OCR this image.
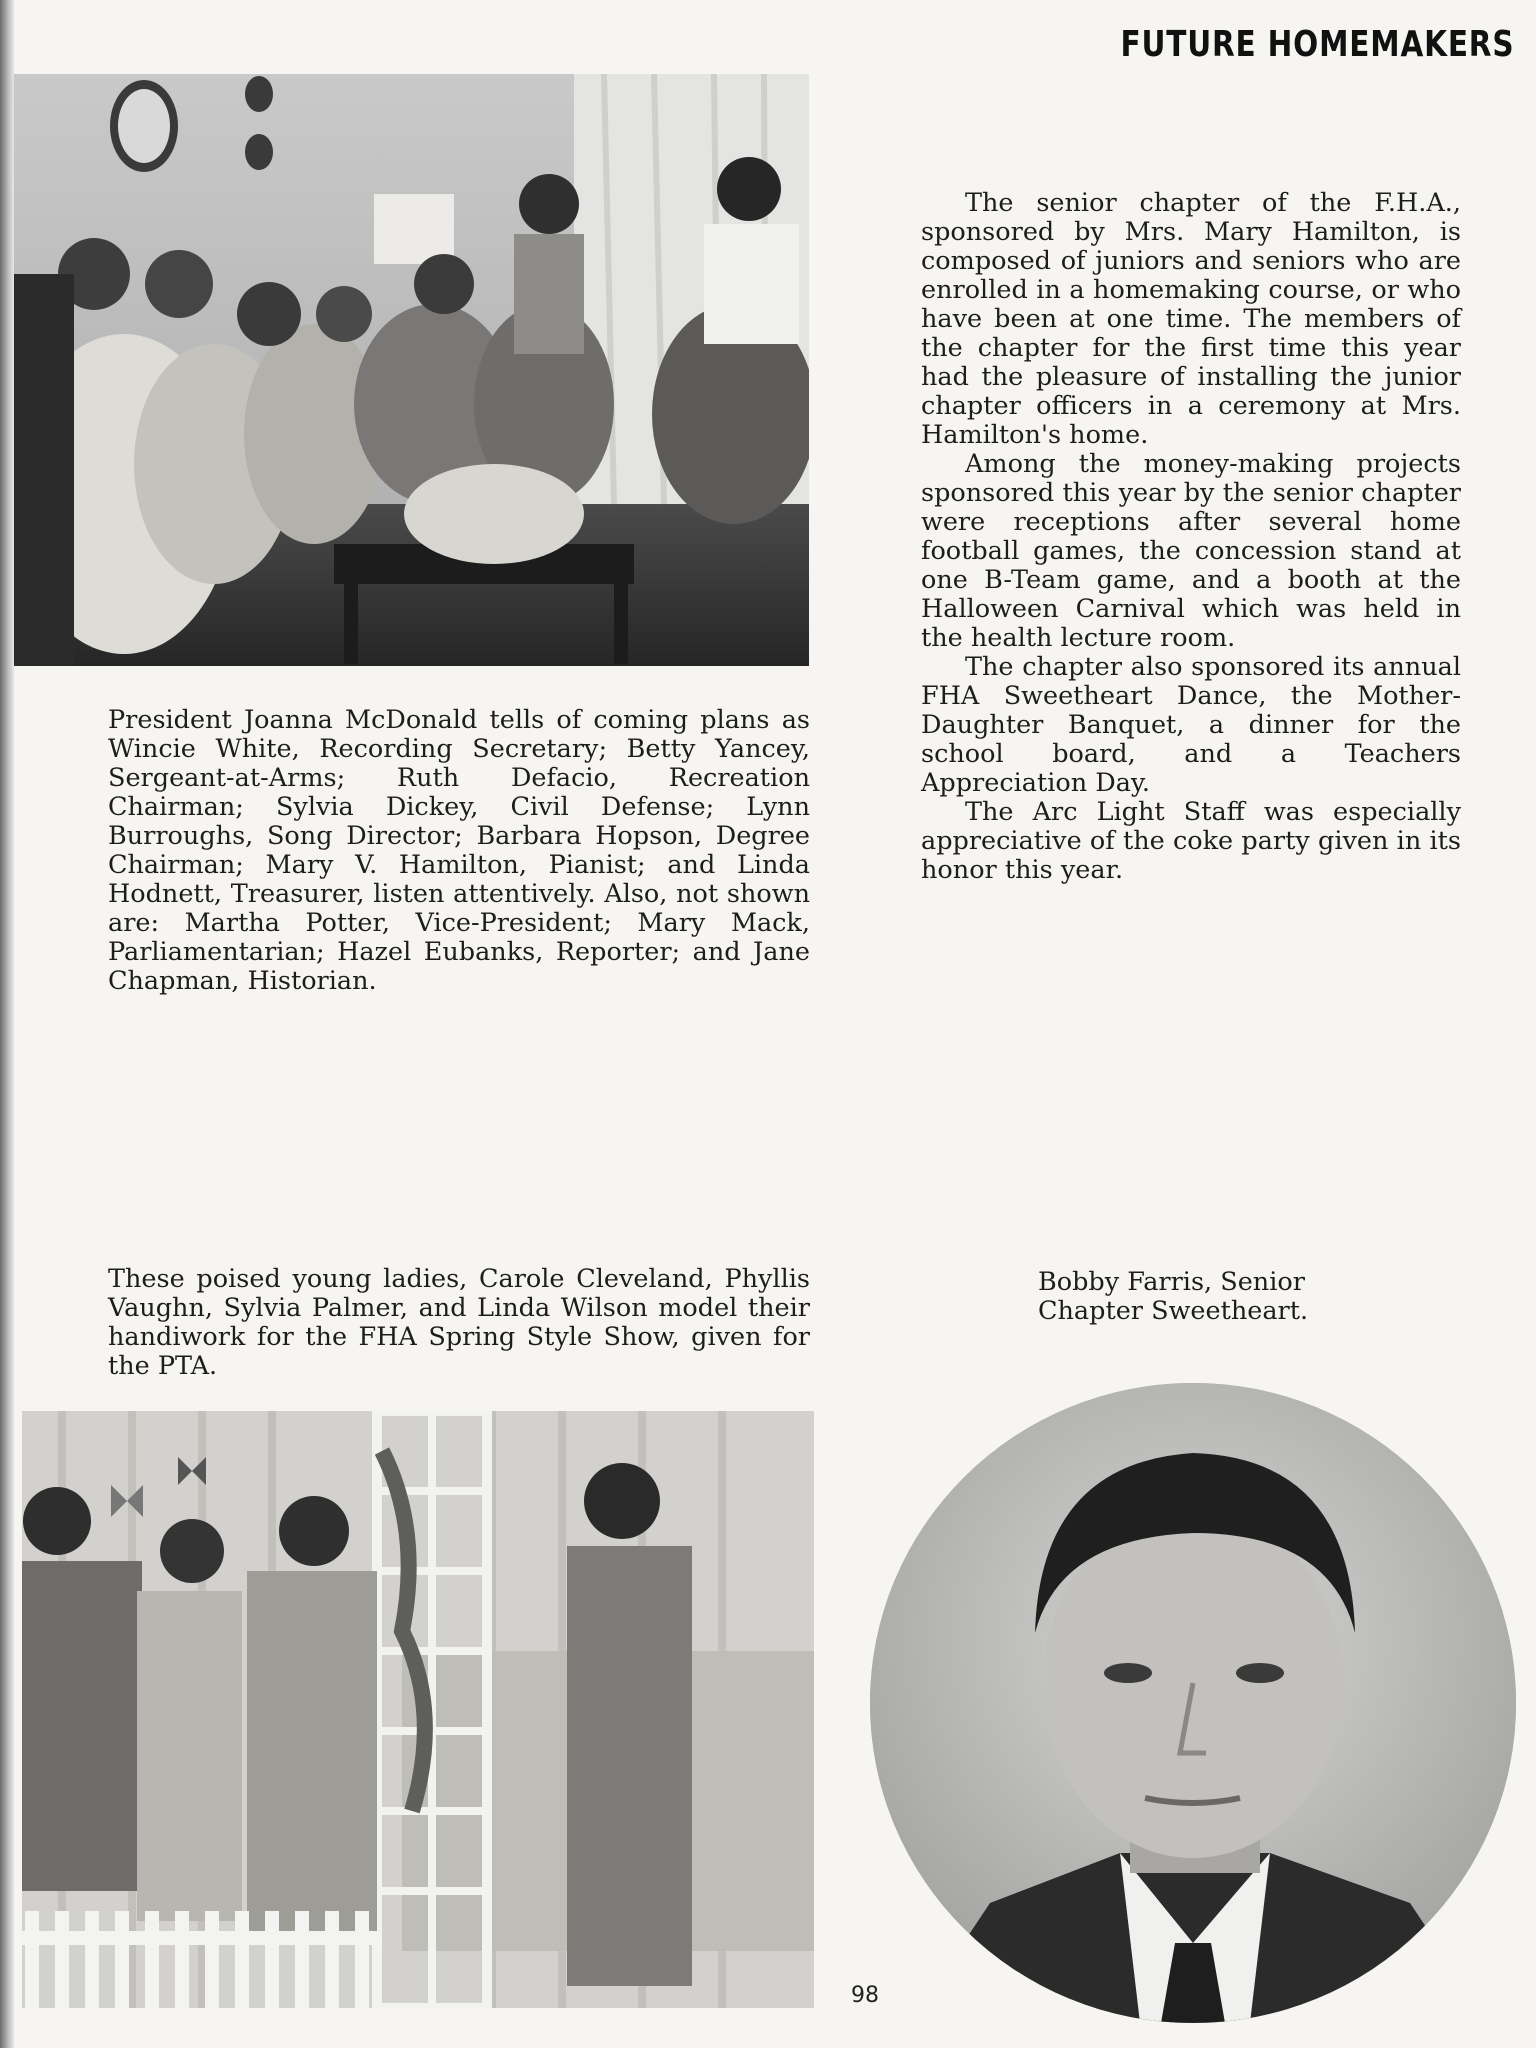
FUTURE HOMEMAKERS
President Joanna McDonald tells of coming plans as Wincie White, Recording Secretary; Betty Yancey, Sergeant-at-Arms; Ruth Defacio, Recreation Chairman; Sylvia Dickey, Civil Defense; Lynn Burroughs, Song Director; Barbara Hopson, Degree Chairman; Mary V. Hamilton, Pianist; and Linda Hodnett, Treasurer, listen attentively. Also, not shown are: Martha Potter, Vice-President; Mary Mack, Parliamentarian; Hazel Eubanks, Reporter; and Jane Chapman, Historian.

The senior chapter of the F.H.A., sponsored by Mrs. Mary Hamilton, is composed of juniors and seniors who are enrolled in a homemaking course, or who have been at one time. The members of the chapter for the first time this year had the pleasure of installing the junior chapter officers in a ceremony at Mrs. Hamilton's home.

Among the money-making projects sponsored this year by the senior chapter were receptions after several home football games, the concession stand at one B-Team game, and a booth at the Halloween Carnival which was held in the health lecture room.

The chapter also sponsored its annual FHA Sweetheart Dance, the Mother-Daughter Banquet, a dinner for the school board, and a Teachers Appreciation Day.

The Arc Light Staff was especially appreciative of the coke party given in its honor this year.

These poised young ladies, Carole Cleveland, Phyllis Vaughn, Sylvia Palmer, and Linda Wilson model their handiwork for the FHA Spring Style Show, given for the PTA.
Bobby Farris, Senior Chapter Sweetheart.
98
